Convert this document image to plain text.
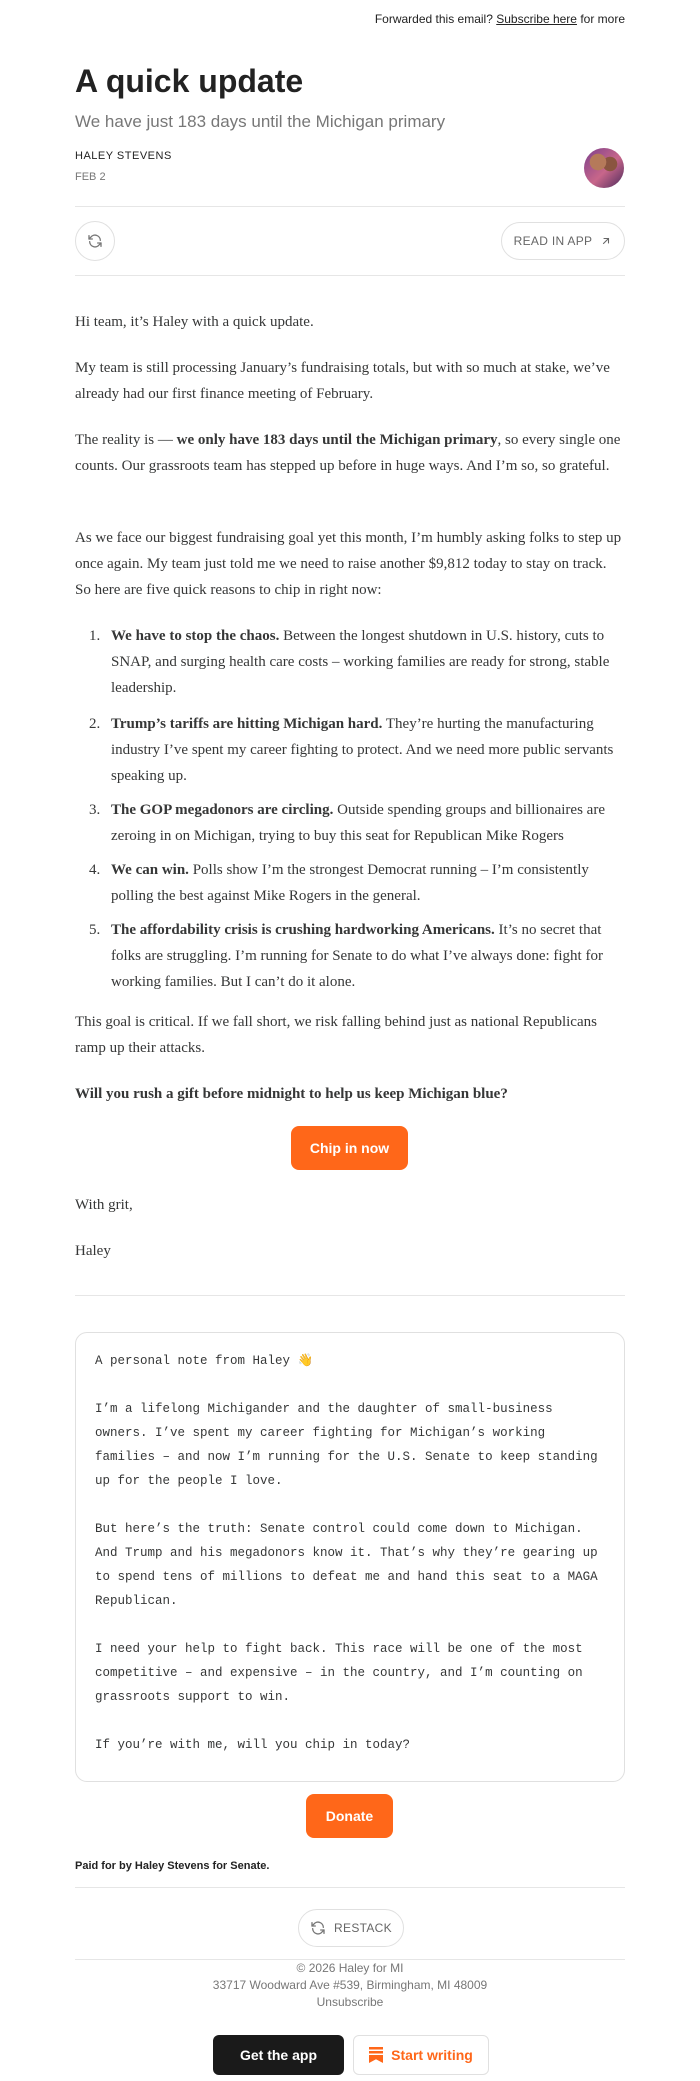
Forwarded this email? Subscribe here for more
A quick update
We have just 183 days until the Michigan primary
HALEY STEVENS
FEB 2
READ IN APP

Hi team, it’s Haley with a quick update.

My team is still processing January’s fundraising totals, but with so much at stake, we’ve already had our first finance meeting of February.

The reality is — we only have 183 days until the Michigan primary, so every single one counts. Our grassroots team has stepped up before in huge ways. And I’m so, so grateful.

As we face our biggest fundraising goal yet this month, I’m humbly asking folks to step up once again. My team just told me we need to raise another $9,812 today to stay on track. So here are five quick reasons to chip in right now:

1. We have to stop the chaos. Between the longest shutdown in U.S. history, cuts to SNAP, and surging health care costs – working families are ready for strong, stable leadership.
2. Trump’s tariffs are hitting Michigan hard. They’re hurting the manufacturing industry I’ve spent my career fighting to protect. And we need more public servants speaking up.
3. The GOP megadonors are circling. Outside spending groups and billionaires are zeroing in on Michigan, trying to buy this seat for Republican Mike Rogers
4. We can win. Polls show I’m the strongest Democrat running – I’m consistently polling the best against Mike Rogers in the general.
5. The affordability crisis is crushing hardworking Americans. It’s no secret that folks are struggling. I’m running for Senate to do what I’ve always done: fight for working families. But I can’t do it alone.

This goal is critical. If we fall short, we risk falling behind just as national Republicans ramp up their attacks.

Will you rush a gift before midnight to help us keep Michigan blue?

Chip in now

With grit,

Haley

A personal note from Haley 👋

I’m a lifelong Michigander and the daughter of small-business owners. I’ve spent my career fighting for Michigan’s working families – and now I’m running for the U.S. Senate to keep standing up for the people I love.

But here’s the truth: Senate control could come down to Michigan. And Trump and his megadonors know it. That’s why they’re gearing up to spend tens of millions to defeat me and hand this seat to a MAGA Republican.

I need your help to fight back. This race will be one of the most competitive – and expensive – in the country, and I’m counting on grassroots support to win.

If you’re with me, will you chip in today?

Donate
Paid for by Haley Stevens for Senate.
RESTACK
© 2026 Haley for MI
33717 Woodward Ave #539, Birmingham, MI 48009
Unsubscribe
Get the app	Start writing
